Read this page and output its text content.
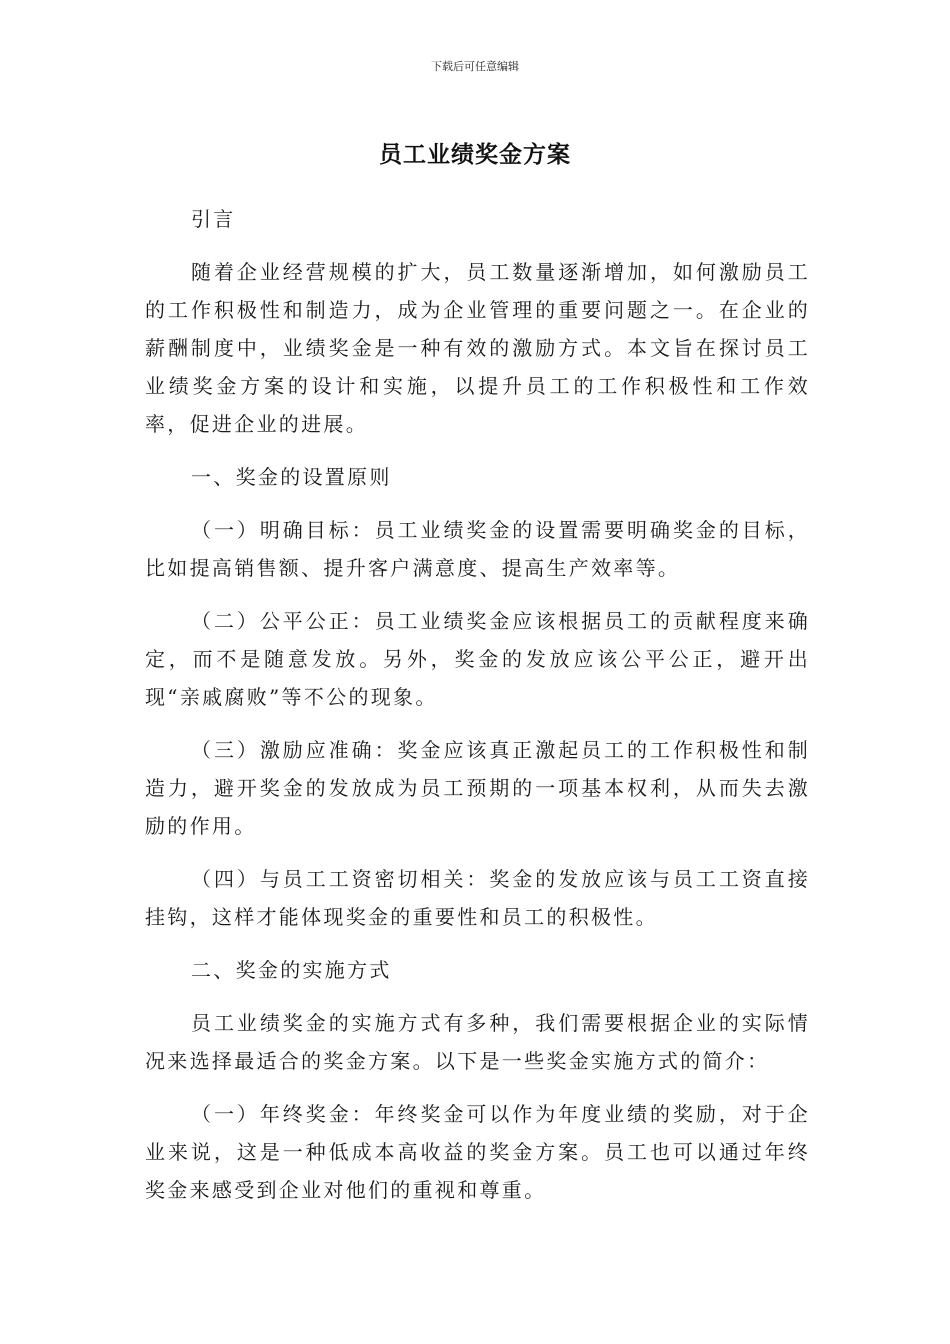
下载后可任意编辑
员工业绩奖金方案

引言

随着企业经营规模的扩大，员工数量逐渐增加，如何激励员工的工作积极性和制造力，成为企业管理的重要问题之一。在企业的薪酬制度中，业绩奖金是一种有效的激励方式。本文旨在探讨员工业绩奖金方案的设计和实施，以提升员工的工作积极性和工作效率，促进企业的进展。

一、奖金的设置原则

（一）明确目标：员工业绩奖金的设置需要明确奖金的目标，比如提高销售额、提升客户满意度、提高生产效率等。

（二）公平公正：员工业绩奖金应该根据员工的贡献程度来确定，而不是随意发放。另外，奖金的发放应该公平公正，避开出现“亲戚腐败”等不公的现象。

（三）激励应准确：奖金应该真正激起员工的工作积极性和制造力，避开奖金的发放成为员工预期的一项基本权利，从而失去激励的作用。

（四）与员工工资密切相关：奖金的发放应该与员工工资直接挂钩，这样才能体现奖金的重要性和员工的积极性。

二、奖金的实施方式

员工业绩奖金的实施方式有多种，我们需要根据企业的实际情况来选择最适合的奖金方案。以下是一些奖金实施方式的简介：

（一）年终奖金：年终奖金可以作为年度业绩的奖励，对于企业来说，这是一种低成本高收益的奖金方案。员工也可以通过年终奖金来感受到企业对他们的重视和尊重。
